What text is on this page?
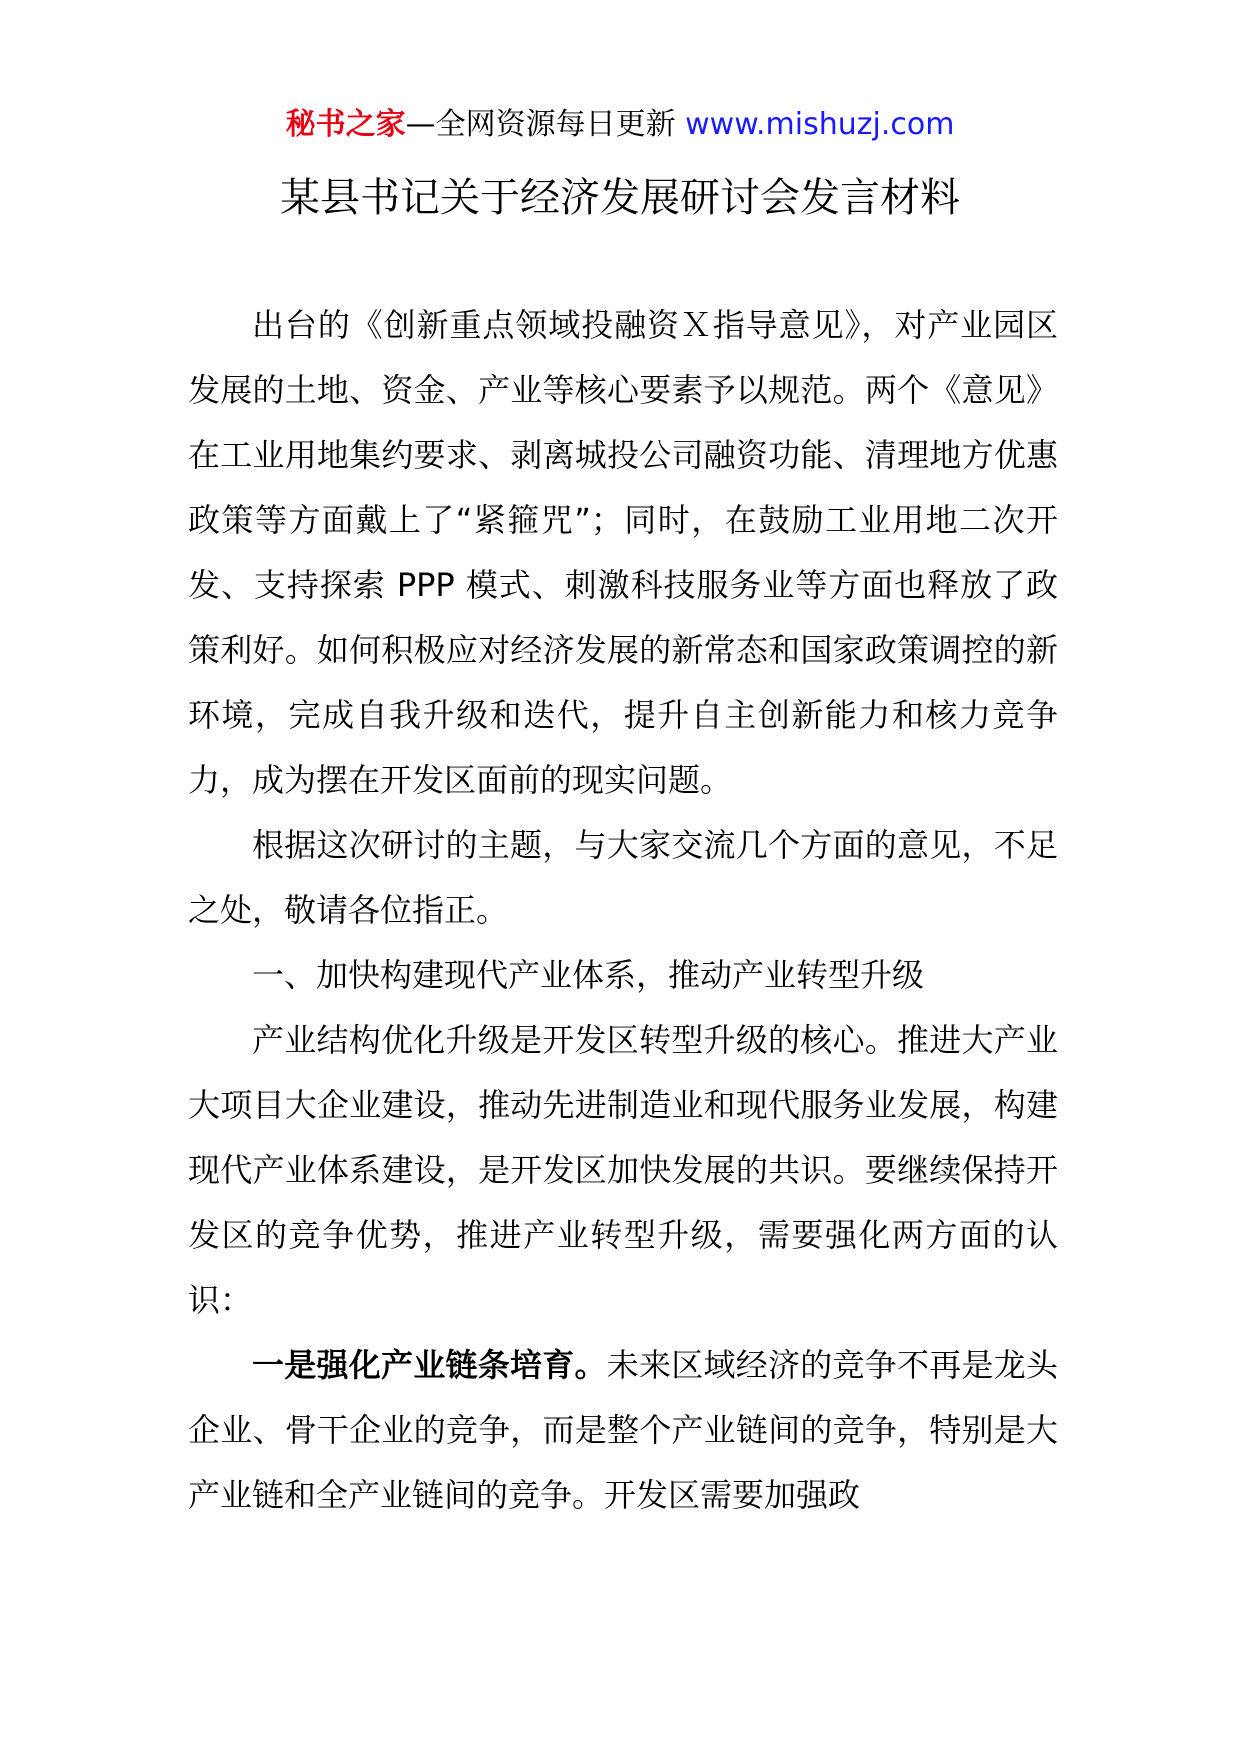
秘书之家—全网资源每日更新 www.mishuzj.com
某县书记关于经济发展研讨会发言材料

出台的《创新重点领域投融资Ｘ指导意见》，对产业园区发展的土地、资金、产业等核心要素予以规范。两个《意见》在工业用地集约要求、剥离城投公司融资功能、清理地方优惠政策等方面戴上了“紧箍咒”；同时，在鼓励工业用地二次开发、支持探索 PPP 模式、刺激科技服务业等方面也释放了政策利好。如何积极应对经济发展的新常态和国家政策调控的新环境，完成自我升级和迭代，提升自主创新能力和核力竞争力，成为摆在开发区面前的现实问题。

根据这次研讨的主题，与大家交流几个方面的意见，不足之处，敬请各位指正。

一、加快构建现代产业体系，推动产业转型升级

产业结构优化升级是开发区转型升级的核心。推进大产业大项目大企业建设，推动先进制造业和现代服务业发展，构建现代产业体系建设，是开发区加快发展的共识。要继续保持开发区的竞争优势，推进产业转型升级，需要强化两方面的认识：

一是强化产业链条培育。未来区域经济的竞争不再是龙头企业、骨干企业的竞争，而是整个产业链间的竞争，特别是大产业链和全产业链间的竞争。开发区需要加强政
